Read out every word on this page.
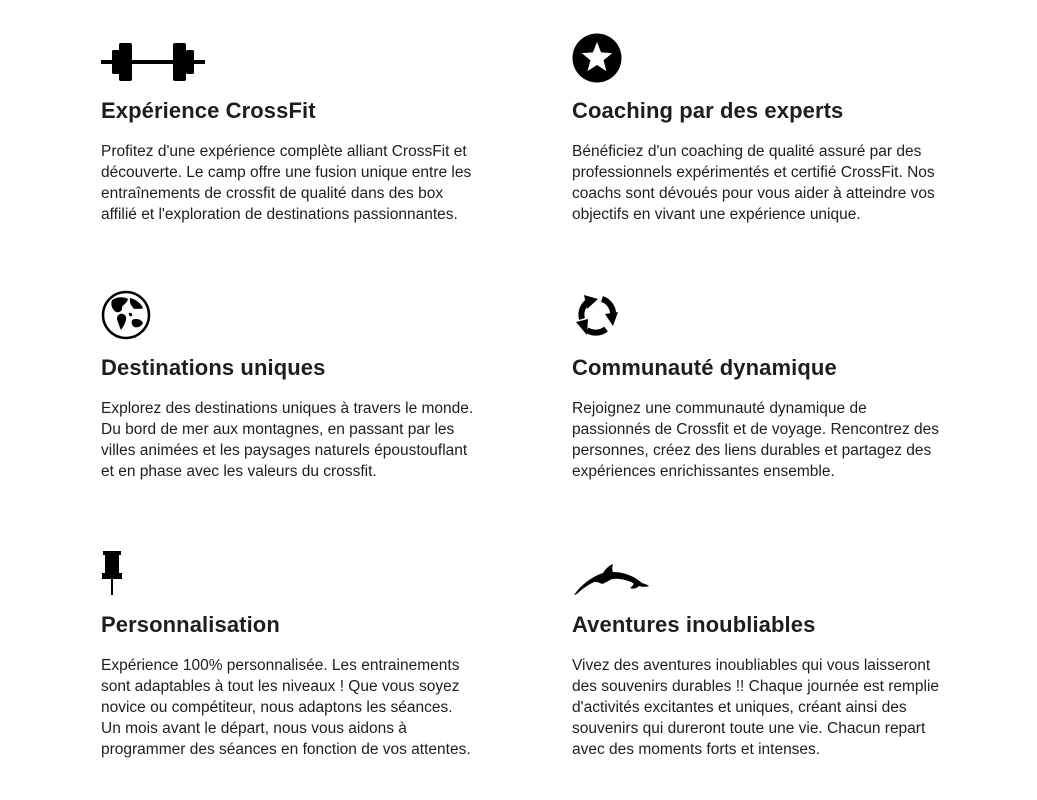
Expérience CrossFit

Profitez d'une expérience complète alliant CrossFit et
découverte. Le camp offre une fusion unique entre les
entraînements de crossfit de qualité dans des box
affilié et l'exploration de destinations passionnantes.

Coaching par des experts

Bénéficiez d'un coaching de qualité assuré par des
professionnels expérimentés et certifié CrossFit. Nos
coachs sont dévoués pour vous aider à atteindre vos
objectifs en vivant une expérience unique.

Destinations uniques

Explorez des destinations uniques à travers le monde.
Du bord de mer aux montagnes, en passant par les
villes animées et les paysages naturels époustouflant
et en phase avec les valeurs du crossfit.

Communauté dynamique

Rejoignez une communauté dynamique de
passionnés de Crossfit et de voyage. Rencontrez des
personnes, créez des liens durables et partagez des
expériences enrichissantes ensemble.

Personnalisation

Expérience 100% personnalisée. Les entrainements
sont adaptables à tout les niveaux ! Que vous soyez
novice ou compétiteur, nous adaptons les séances.
Un mois avant le départ, nous vous aidons à
programmer des séances en fonction de vos attentes.

Aventures inoubliables

Vivez des aventures inoubliables qui vous laisseront
des souvenirs durables !! Chaque journée est remplie
d'activités excitantes et uniques, créant ainsi des
souvenirs qui dureront toute une vie. Chacun repart
avec des moments forts et intenses.
